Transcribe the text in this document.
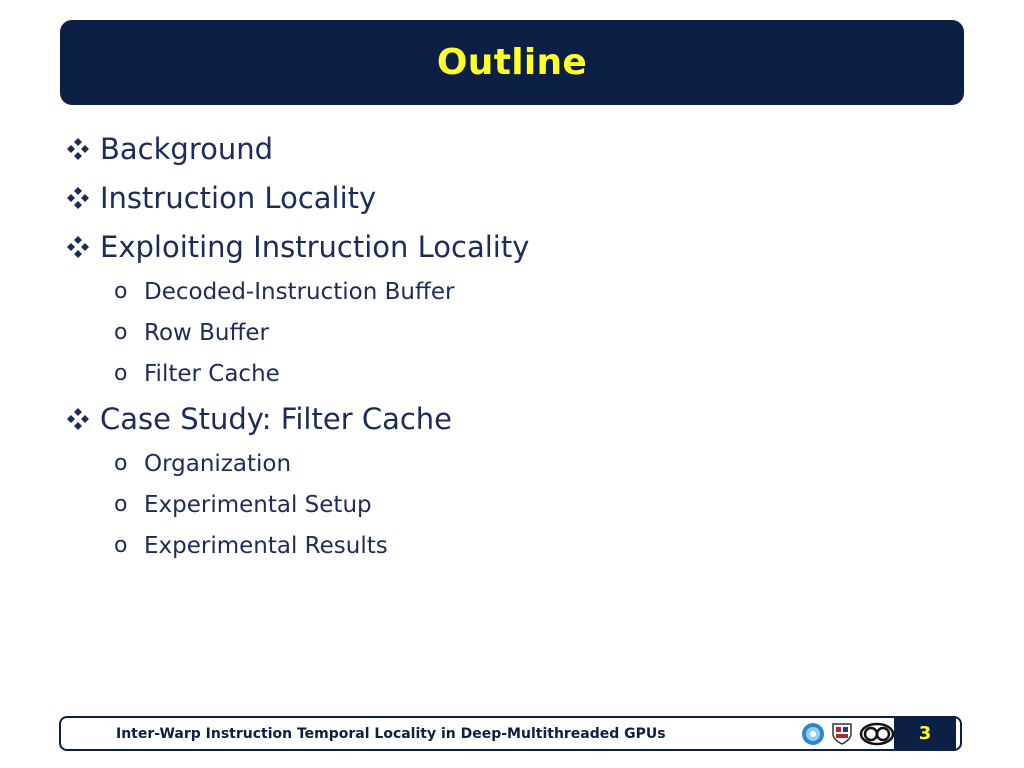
Outline
Background
Instruction Locality
Exploiting Instruction Locality
o Decoded-Instruction Buffer
o Row Buffer
o Filter Cache
Case Study: Filter Cache
o Organization
o Experimental Setup
o Experimental Results
Inter-Warp Instruction Temporal Locality in Deep-Multithreaded GPUs	3
